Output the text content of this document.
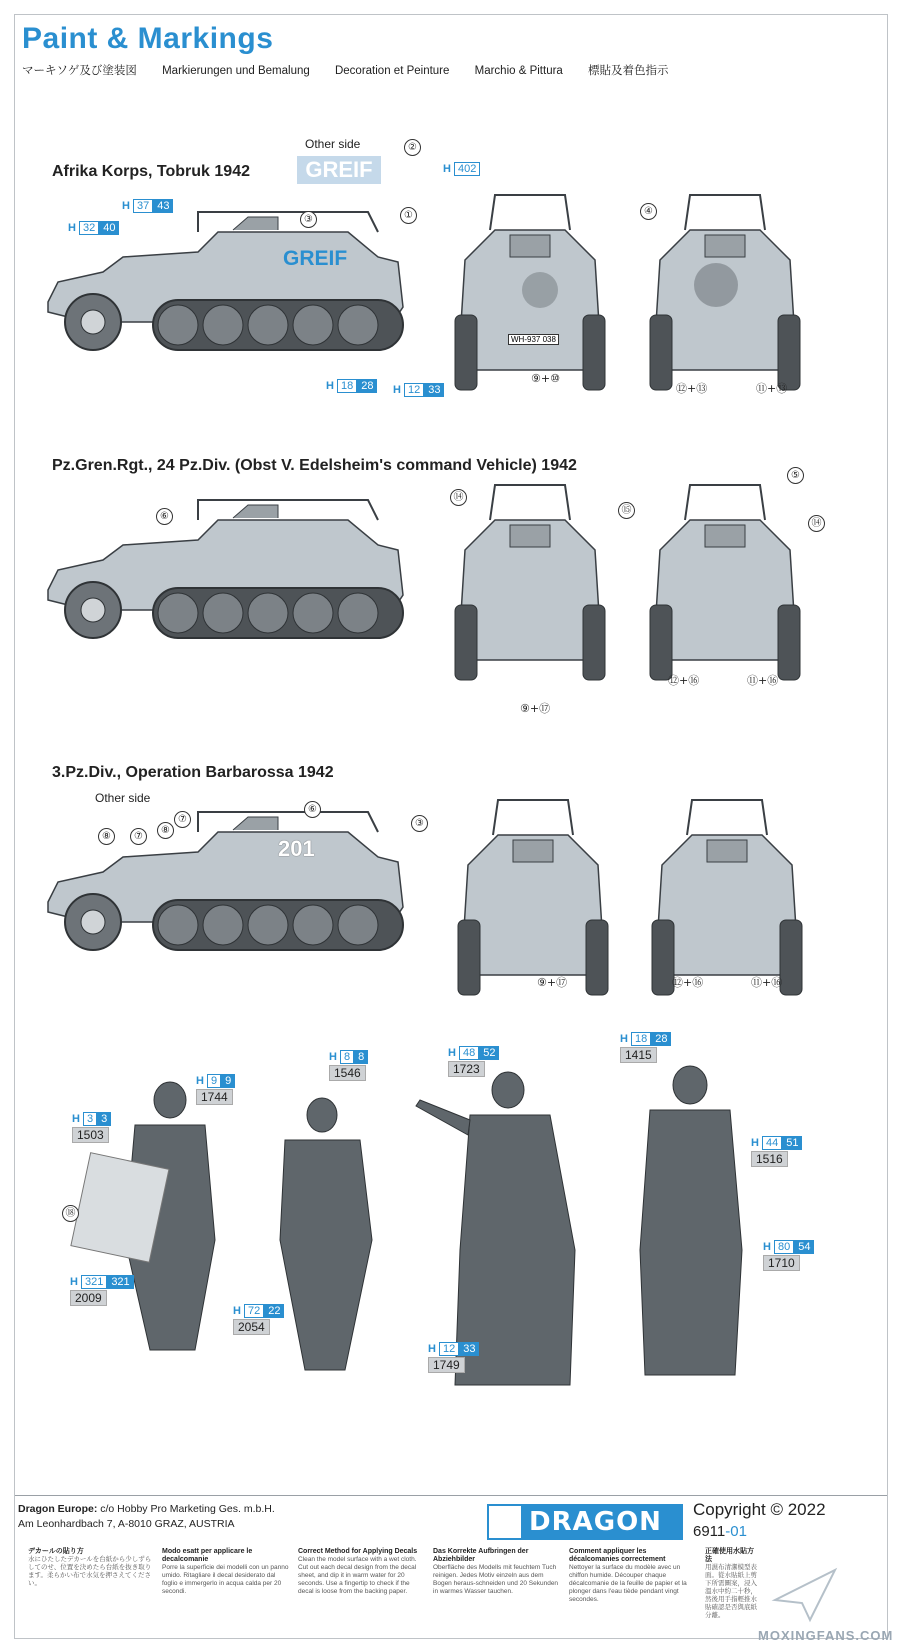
Paint & Markings
マーキソゲ及び塗装図 Markierungen und Bemalung Decoration et Peinture Marchio & Pittura 標貼及着色指示
Afrika Korps, Tobruk 1942
Pz.Gren.Rgt., 24 Pz.Div. (Obst V. Edelsheim's command Vehicle) 1942
3.Pz.Div., Operation Barbarossa 1942
Other side
GREIF
GREIF
WH-937 038
②
①
③
④
⑨+⑩
⑫+⑬	⑪+⑬
H 402
H 37 43
H 32 40
H 18 28	H 12 33
⑥
⑭
⑮
⑤
⑭
⑨+⑰
⑫+⑯	⑪+⑯
Other side
201
⑧	⑦
⑦
⑧
⑥
③
⑨+⑰	⑫+⑯	⑪+⑯
⑱
H 9 9
1744
H 3 3
1503
H 321 321
2009
H 8 8
1546
H 72 22
2054
H 48 52
1723
H 12 33
1749
H 18 28
1415
H 44 51
1516
H 80 54
1710
Dragon Europe: c/o Hobby Pro Marketing Ges. m.b.H.
Am Leonhardbach 7, A-8010 GRAZ, AUSTRIA	DRAGON Copyright © 2022
6911-01
デカールの貼り方
水にひたしたデカールを台紙から少しずらしてのせ、位置を決めたら台紙を抜き取ります。柔らかい布で水気を押さえてください。
Modo esatt per applicare le decalcomanie
Porre la superficie dei modelli con un panno umido. Ritagliare il decal desiderato dal foglio e immergerlo in acqua calda per 20 secondi.
Correct Method for Applying Decals
Clean the model surface with a wet cloth. Cut out each decal design from the decal sheet, and dip it in warm water for 20 seconds. Use a fingertip to check if the decal is loose from the backing paper.
Das Korrekte Aufbringen der Abziehbilder
Oberfläche des Modells mit feuchtem Tuch reinigen. Jedes Motiv einzeln aus dem Bogen heraus-schneiden und 20 Sekunden in warmes Wasser tauchen.
Comment appliquer les décalcomanies correctement
Nettoyer la surface du modèle avec un chiffon humide. Découper chaque décalcomanie de la feuille de papier et la plonger dans l'eau tiède pendant vingt secondes.
正確使用水貼方法
用濕布清潔模型表面。從水貼紙上剪下所需圖案，浸入溫水中約二十秒，然後用手指輕推水貼確認是否與底紙分離。
MOXINGFANS.COM
